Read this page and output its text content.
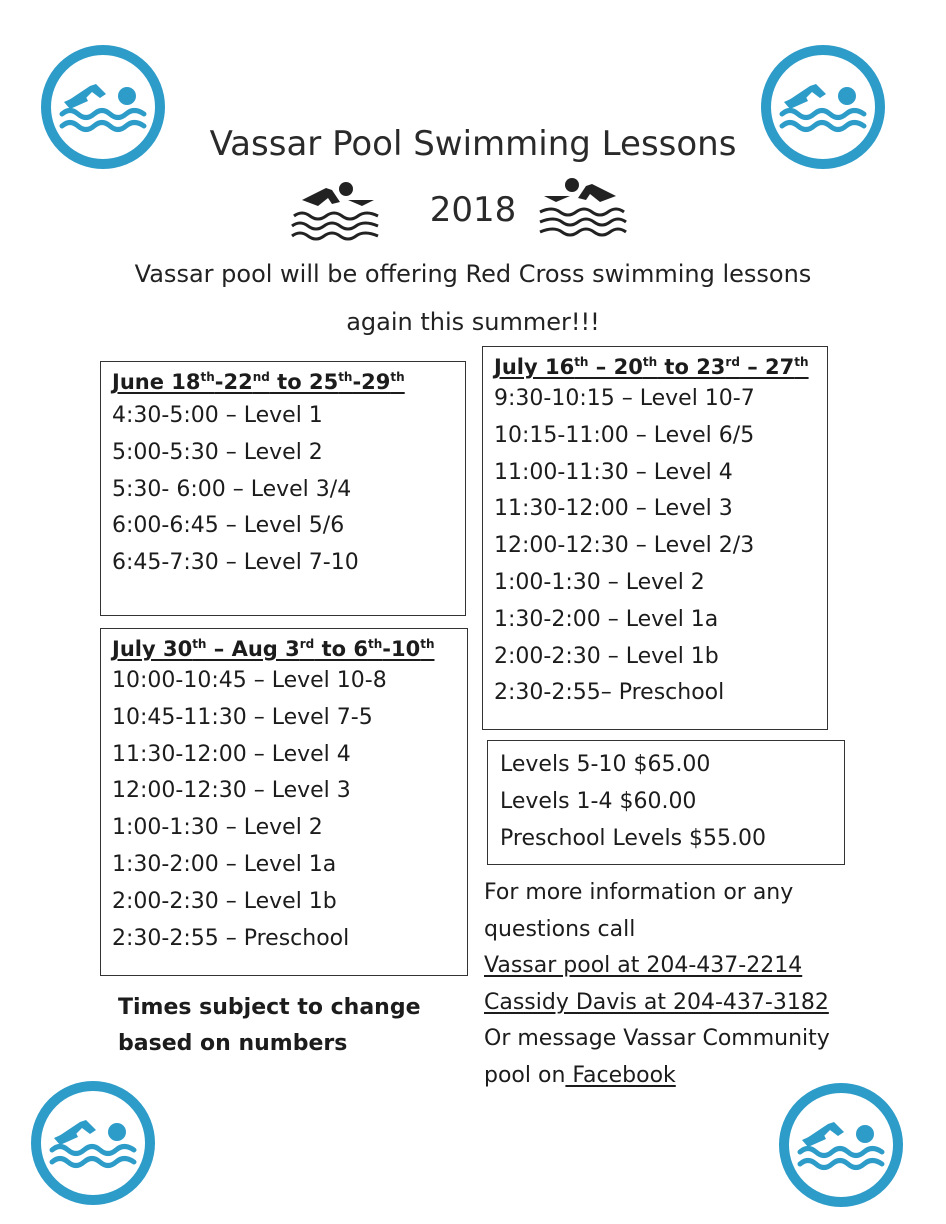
Vassar Pool Swimming Lessons
2018
Vassar pool will be offering Red Cross swimming lessons
again this summer!!!
June 18th-22nd to 25th-29th
4:30-5:00 – Level 1
5:00-5:30 – Level 2
5:30- 6:00 – Level 3/4
6:00-6:45 – Level 5/6
6:45-7:30 – Level 7-10
July 16th – 20th to 23rd – 27th
9:30-10:15 – Level 10-7
10:15-11:00 – Level 6/5
11:00-11:30 – Level 4
11:30-12:00 – Level 3
12:00-12:30 – Level 2/3
1:00-1:30 – Level 2
1:30-2:00 – Level 1a
2:00-2:30 – Level 1b
2:30-2:55– Preschool
July 30th – Aug 3rd to 6th-10th
10:00-10:45 – Level 10-8
10:45-11:30 – Level 7-5
11:30-12:00 – Level 4
12:00-12:30 – Level 3
1:00-1:30 – Level 2
1:30-2:00 – Level 1a
2:00-2:30 – Level 1b
2:30-2:55 – Preschool
Levels 5-10 $65.00
Levels 1-4 $60.00
Preschool Levels $55.00
Times subject to change
based on numbers
For more information or any
questions call
Vassar pool at 204-437-2214
Cassidy Davis at 204-437-3182
Or message Vassar Community
pool on Facebook
